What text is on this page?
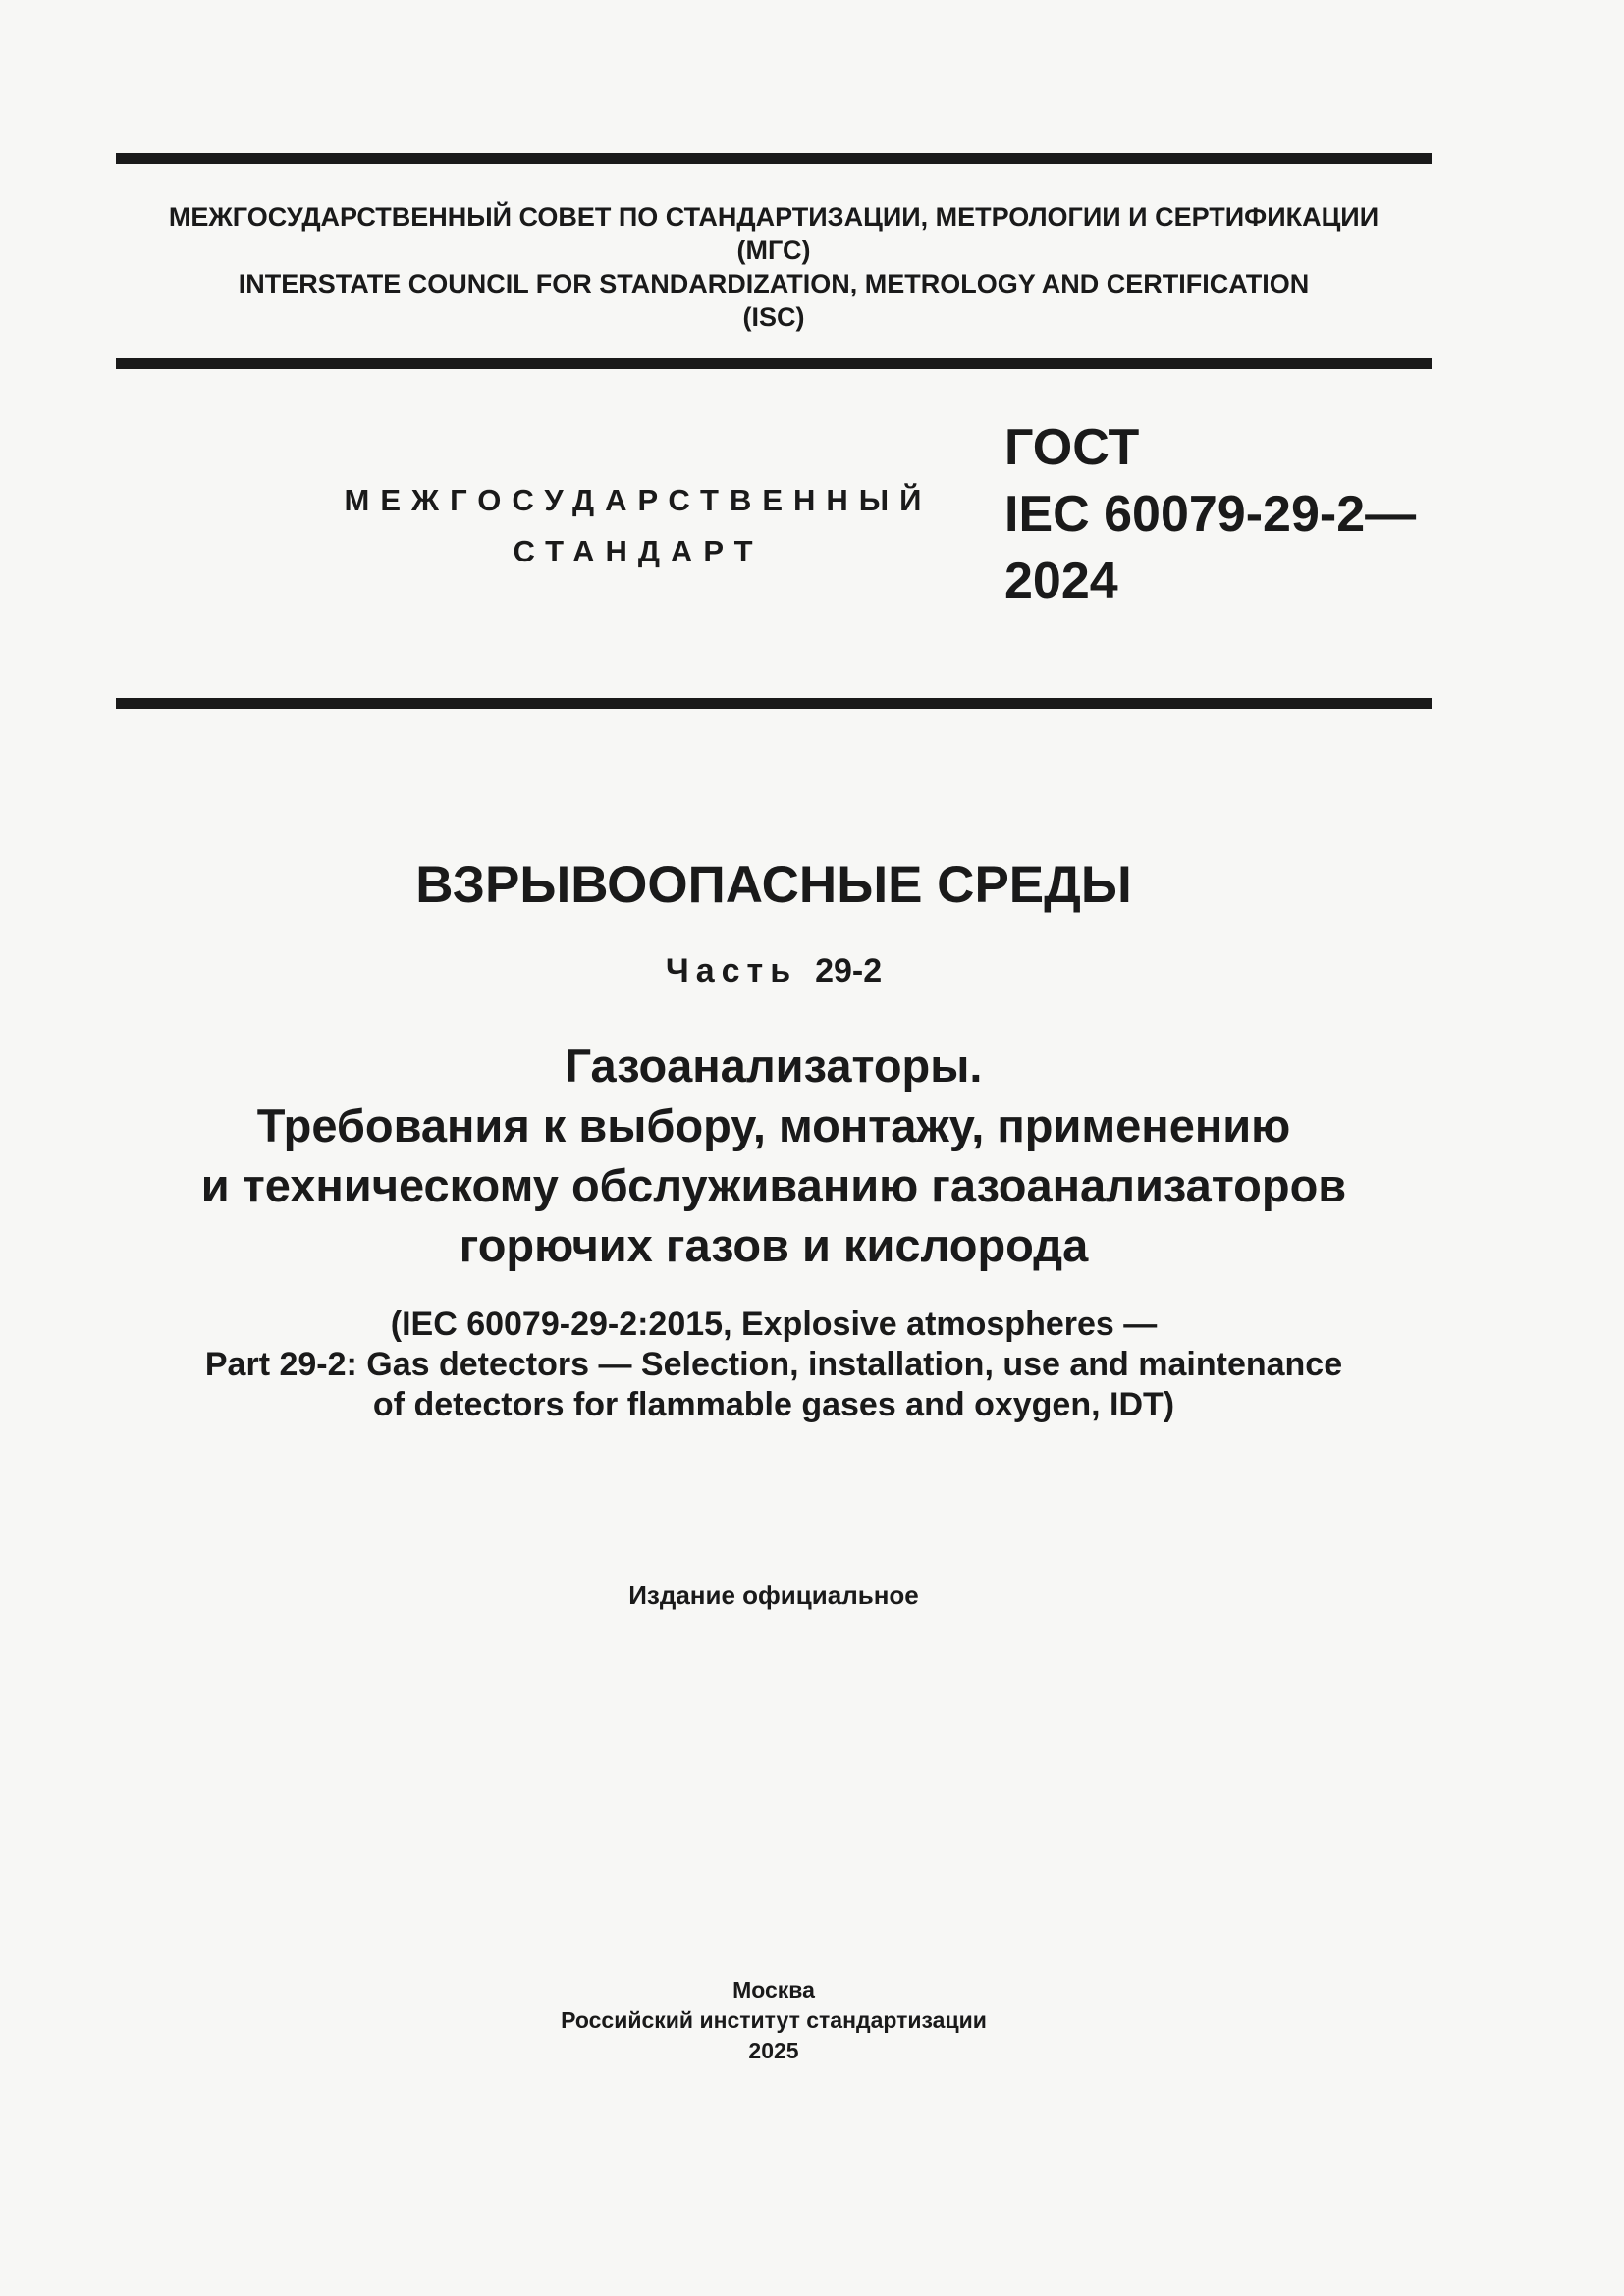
МЕЖГОСУДАРСТВЕННЫЙ СОВЕТ ПО СТАНДАРТИЗАЦИИ, МЕТРОЛОГИИ И СЕРТИФИКАЦИИ
(МГС)
INTERSTATE COUNCIL FOR STANDARDIZATION, METROLOGY AND CERTIFICATION
(ISC)
МЕЖГОСУДАРСТВЕННЫЙ
СТАНДАРТ
ГОСТ
IEC 60079-29-2—
2024
ВЗРЫВООПАСНЫЕ СРЕДЫ
Часть 29-2
Газоанализаторы.
Требования к выбору, монтажу, применению
и техническому обслуживанию газоанализаторов
горючих газов и кислорода
(IEC 60079-29-2:2015, Explosive atmospheres —
Part 29-2: Gas detectors — Selection, installation, use and maintenance
of detectors for flammable gases and oxygen, IDT)
Издание официальное
Москва
Российский институт стандартизации
2025
